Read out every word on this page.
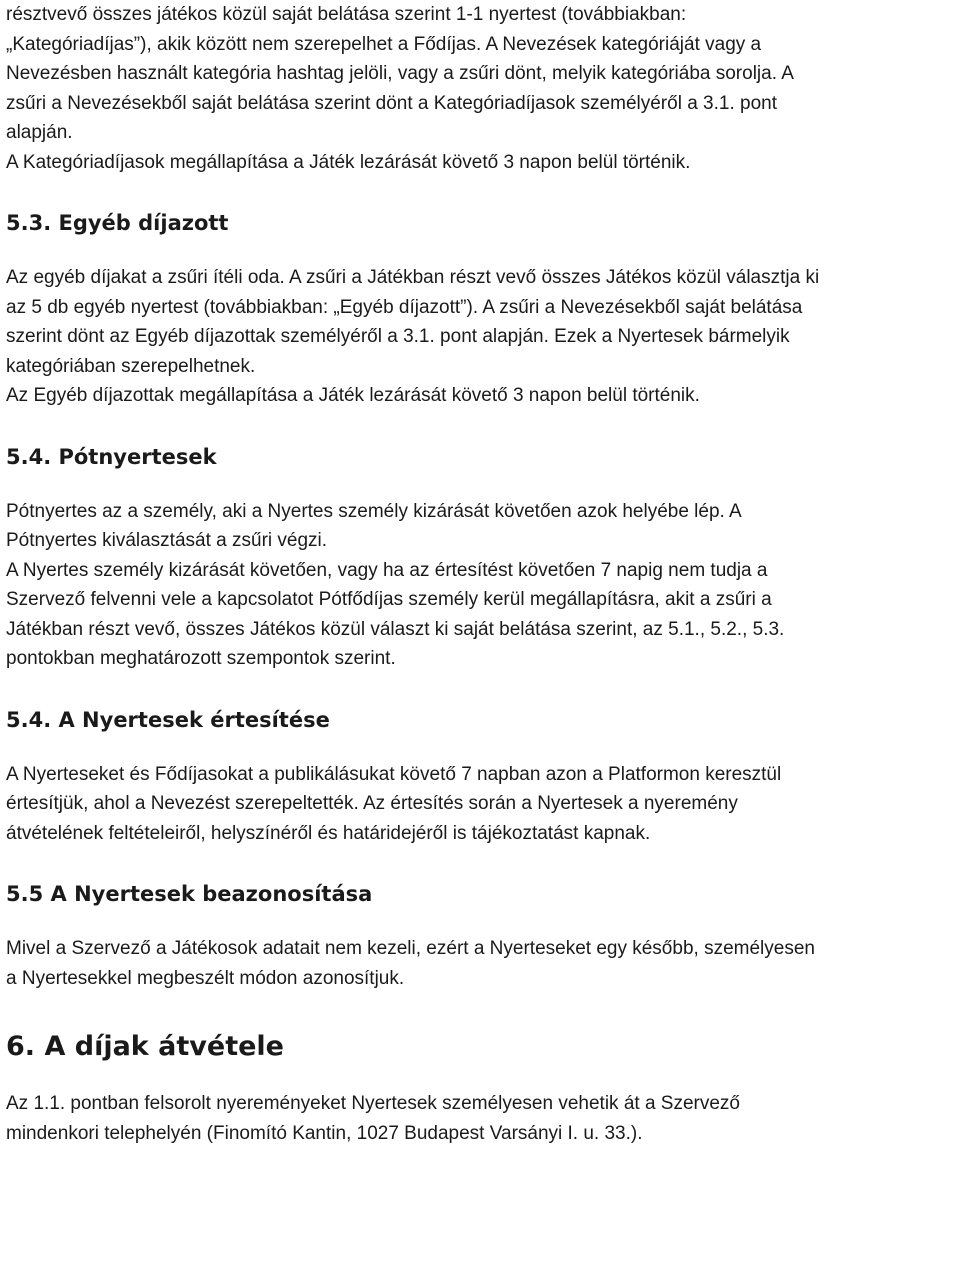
résztvevő összes játékos közül saját belátása szerint 1-1 nyertest (továbbiakban:

„Kategóriadíjas”), akik között nem szerepelhet a Fődíjas. A Nevezések kategóriáját vagy a

Nevezésben használt kategória hashtag jelöli, vagy a zsűri dönt, melyik kategóriába sorolja. A

zsűri a Nevezésekből saját belátása szerint dönt a Kategóriadíjasok személyéről a 3.1. pont

alapján.

A Kategóriadíjasok megállapítása a Játék lezárását követő 3 napon belül történik.

5.3. Egyéb díjazott

Az egyéb díjakat a zsűri ítéli oda. A zsűri a Játékban részt vevő összes Játékos közül választja ki

az 5 db egyéb nyertest (továbbiakban: „Egyéb díjazott”). A zsűri a Nevezésekből saját belátása

szerint dönt az Egyéb díjazottak személyéről a 3.1. pont alapján. Ezek a Nyertesek bármelyik

kategóriában szerepelhetnek.

Az Egyéb díjazottak megállapítása a Játék lezárását követő 3 napon belül történik.

5.4. Pótnyertesek

Pótnyertes az a személy, aki a Nyertes személy kizárását követően azok helyébe lép. A

Pótnyertes kiválasztását a zsűri végzi.

A Nyertes személy kizárását követően, vagy ha az értesítést követően 7 napig nem tudja a

Szervező felvenni vele a kapcsolatot Pótfődíjas személy kerül megállapításra, akit a zsűri a

Játékban részt vevő, összes Játékos közül választ ki saját belátása szerint, az 5.1., 5.2., 5.3.

pontokban meghatározott szempontok szerint.

5.4. A Nyertesek értesítése

A Nyerteseket és Fődíjasokat a publikálásukat követő 7 napban azon a Platformon keresztül

értesítjük, ahol a Nevezést szerepeltették. Az értesítés során a Nyertesek a nyeremény

átvételének feltételeiről, helyszínéről és határidejéről is tájékoztatást kapnak.

5.5 A Nyertesek beazonosítása

Mivel a Szervező a Játékosok adatait nem kezeli, ezért a Nyerteseket egy később, személyesen

a Nyertesekkel megbeszélt módon azonosítjuk.

6. A díjak átvétele

Az 1.1. pontban felsorolt nyereményeket Nyertesek személyesen vehetik át a Szervező

mindenkori telephelyén (Finomító Kantin, 1027 Budapest Varsányi I. u. 33.).
